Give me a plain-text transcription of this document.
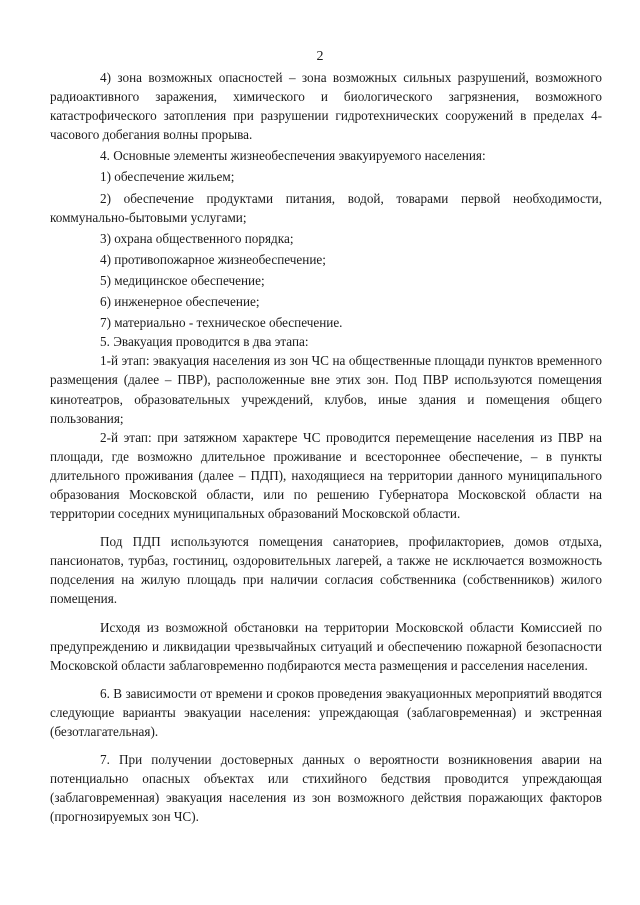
2

4) зона возможных опасностей – зона возможных сильных разрушений, возможного радиоактивного заражения, химического и биологического загрязнения, возможного катастрофического затопления при разрушении гидротехнических сооружений в пределах 4-часового добегания волны прорыва.

4. Основные элементы жизнеобеспечения эвакуируемого населения:

1) обеспечение жильем;

2) обеспечение продуктами питания, водой, товарами первой необходимости, коммунально-бытовыми услугами;

3) охрана общественного порядка;

4) противопожарное жизнеобеспечение;

5) медицинское обеспечение;

6) инженерное обеспечение;

7) материально - техническое обеспечение.

5. Эвакуация проводится в два этапа:

1-й этап: эвакуация населения из зон ЧС на общественные площади пунктов временного размещения (далее – ПВР), расположенные вне этих зон. Под ПВР используются помещения кинотеатров, образовательных учреждений, клубов, иные здания и помещения общего пользования;

2-й этап: при затяжном характере ЧС проводится перемещение населения из ПВР на площади, где возможно длительное проживание и всестороннее обеспечение, – в пункты длительного проживания (далее – ПДП), находящиеся на территории данного муниципального образования Московской области, или по решению Губернатора Московской области на территории соседних муниципальных образований Московской области.

Под ПДП используются помещения санаториев, профилакториев, домов отдыха, пансионатов, турбаз, гостиниц, оздоровительных лагерей, а также не исключается возможность подселения на жилую площадь при наличии согласия собственника (собственников) жилого помещения.

Исходя из возможной обстановки на территории Московской области Комиссией по предупреждению и ликвидации чрезвычайных ситуаций и обеспечению пожарной безопасности Московской области заблаговременно подбираются места размещения и расселения населения.

6. В зависимости от времени и сроков проведения эвакуационных мероприятий вводятся следующие варианты эвакуации населения: упреждающая (заблаговременная) и экстренная (безотлагательная).

7. При получении достоверных данных о вероятности возникновения аварии на потенциально опасных объектах или стихийного бедствия проводится упреждающая (заблаговременная) эвакуация населения из зон возможного действия поражающих факторов (прогнозируемых зон ЧС).
